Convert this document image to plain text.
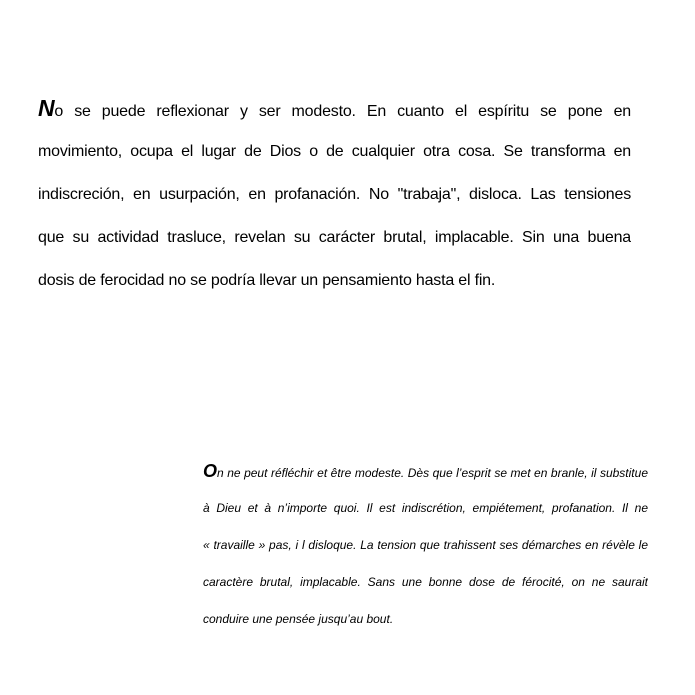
No se puede reflexionar y ser modesto. En cuanto el espíritu se pone en
movimiento, ocupa el lugar de Dios o de cualquier otra cosa. Se transforma en
indiscreción, en usurpación, en profanación. No "trabaja", disloca. Las tensiones
que su actividad trasluce, revelan su carácter brutal, implacable. Sin una buena
dosis de ferocidad no se podría llevar un pensamiento hasta el fin.
On ne peut réfléchir et être modeste. Dès que l’esprit se met en branle, il substitue
à Dieu et à n’importe quoi. Il est indiscrétion, empiétement, profanation. Il ne
« travaille » pas, i l disloque. La tension que trahissent ses démarches en révèle le
caractère brutal, implacable. Sans une bonne dose de férocité, on ne saurait
conduire une pensée jusqu’au bout.
